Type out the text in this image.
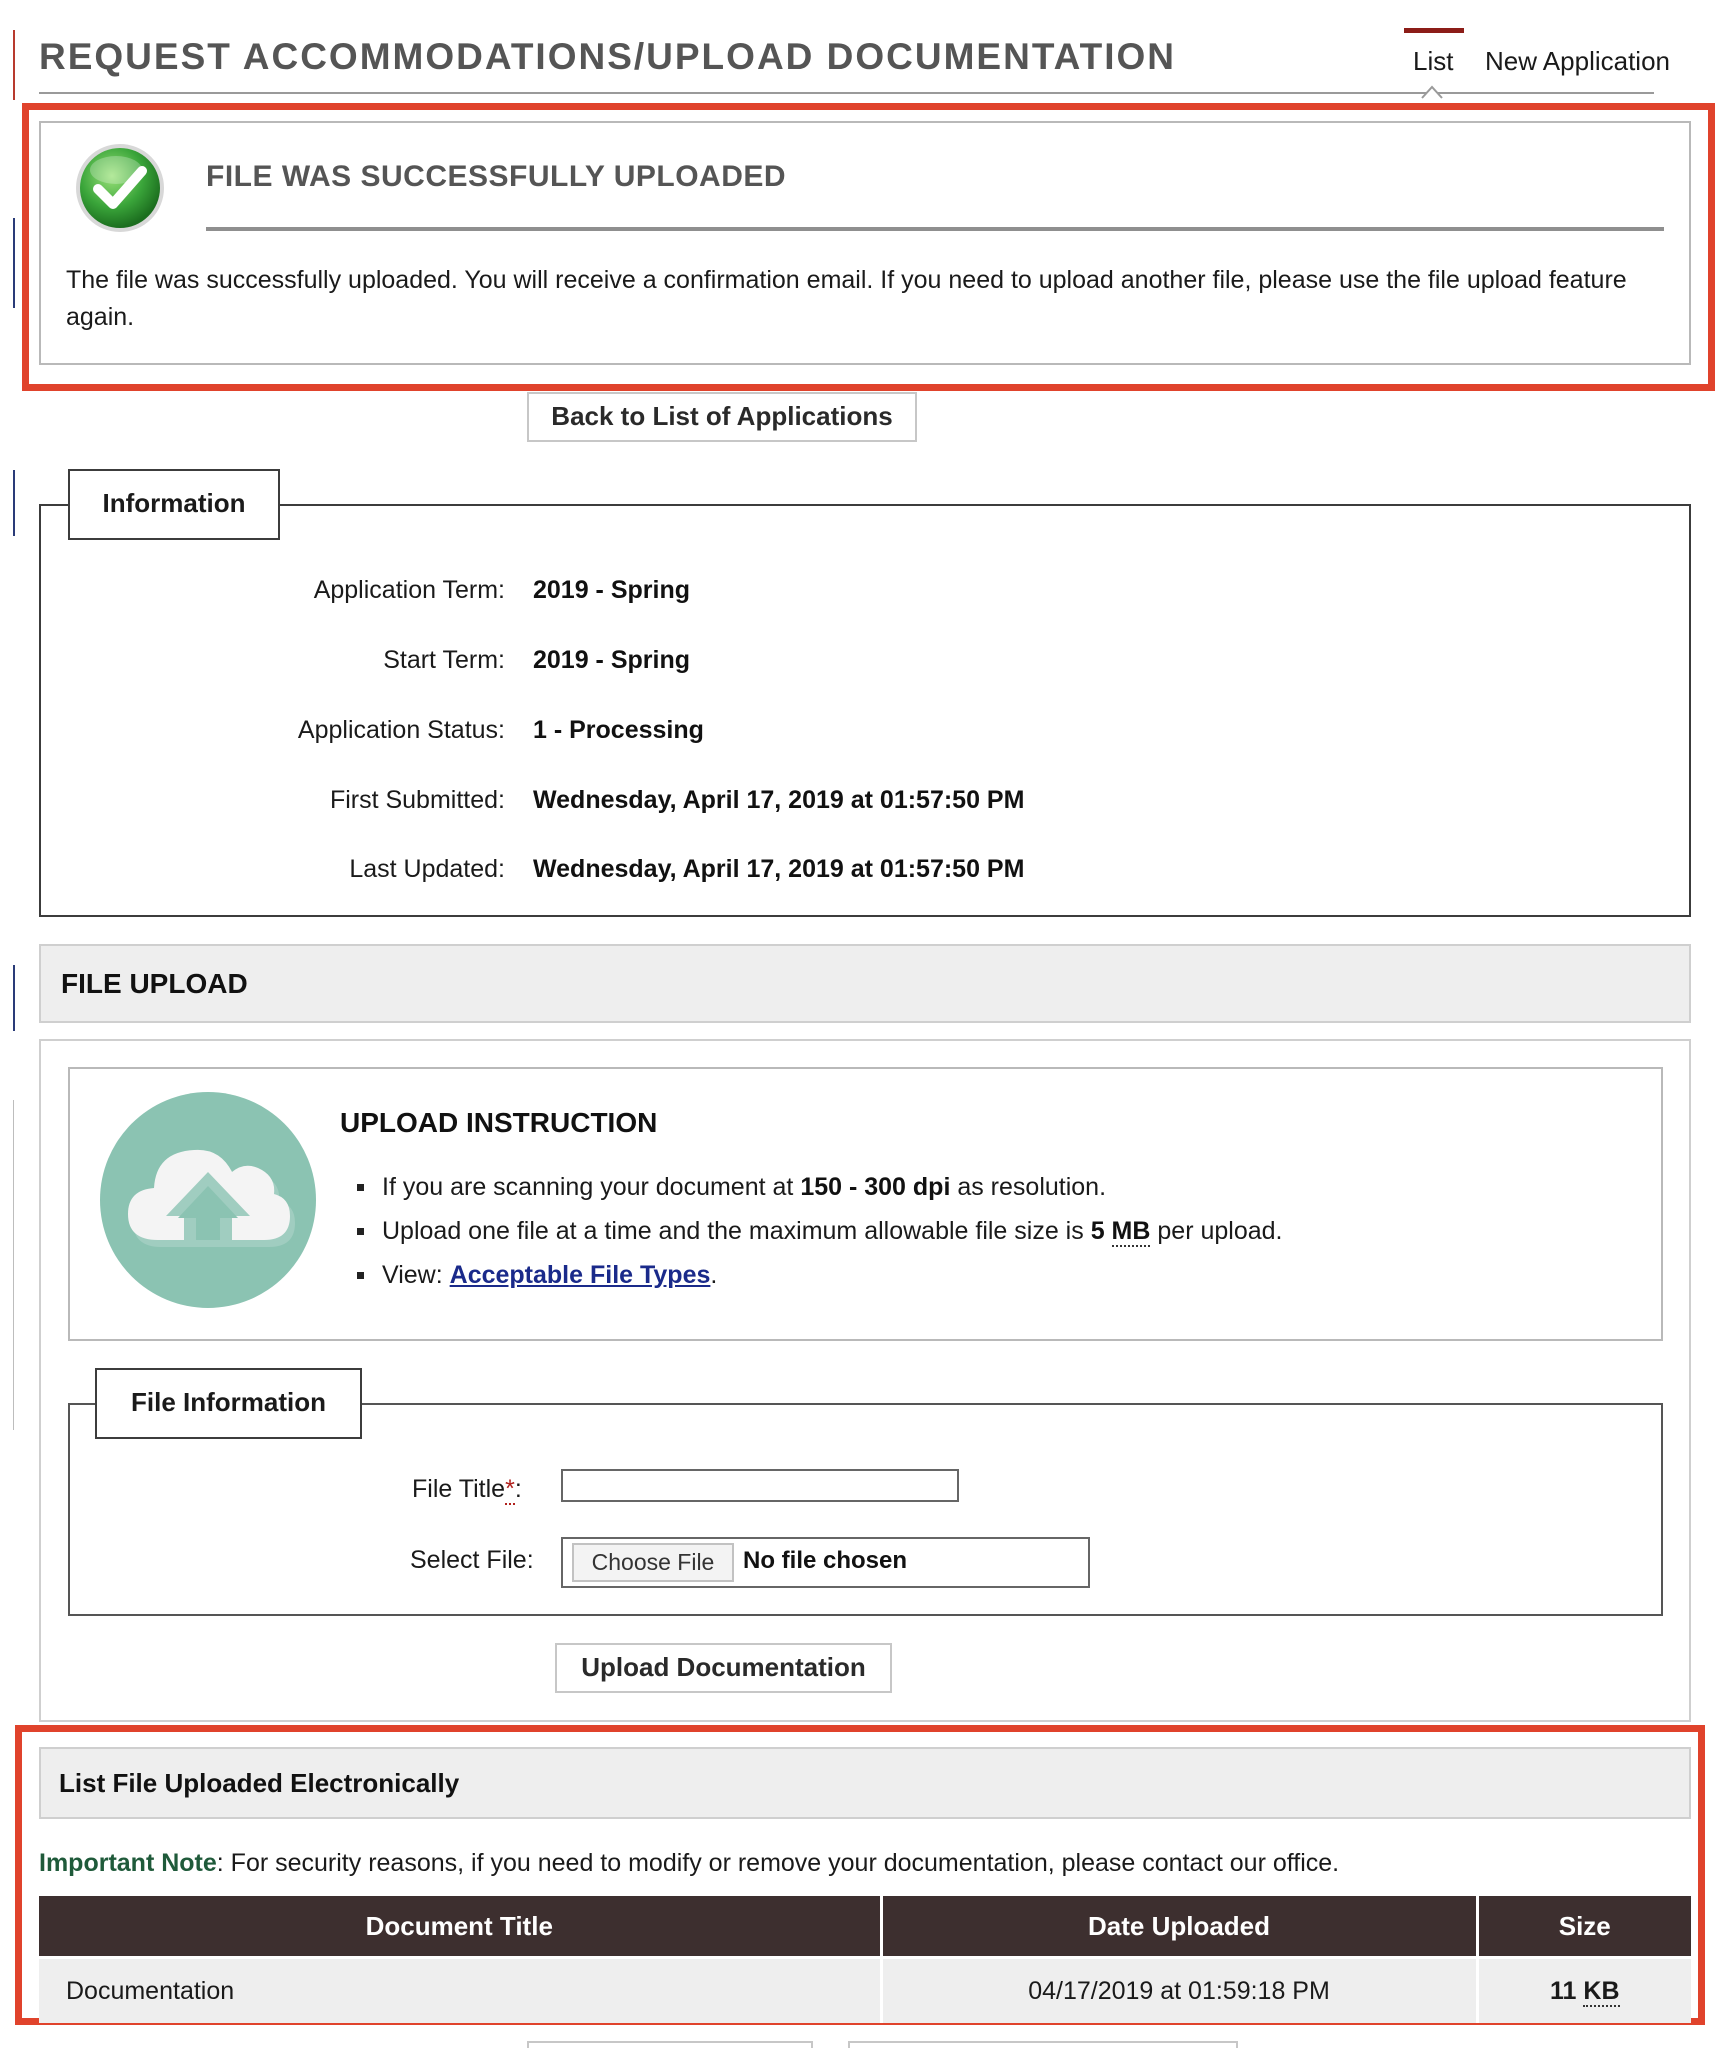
REQUEST ACCOMMODATIONS/UPLOAD DOCUMENTATION	List New Application
FILE WAS SUCCESSFULLY UPLOADED
The file was successfully uploaded. You will receive a confirmation email. If you need to upload another file, please use the file upload feature again.
Back to List of Applications
Information
Application Term: 2019 - Spring
Start Term: 2019 - Spring
Application Status: 1 - Processing
First Submitted: Wednesday, April 17, 2019 at 01:57:50 PM
Last Updated: Wednesday, April 17, 2019 at 01:57:50 PM
FILE UPLOAD
UPLOAD INSTRUCTION
If you are scanning your document at 150 - 300 dpi as resolution.
Upload one file at a time and the maximum allowable file size is 5 MB per upload.
View: Acceptable File Types.
File Information
File Title*:
Select File:	Choose File	No file chosen
Upload Documentation
List File Uploaded Electronically
Important Note: For security reasons, if you need to modify or remove your documentation, please contact our office.
Document Title	Date Uploaded	Size
Documentation	04/17/2019 at 01:59:18 PM	11 KB
